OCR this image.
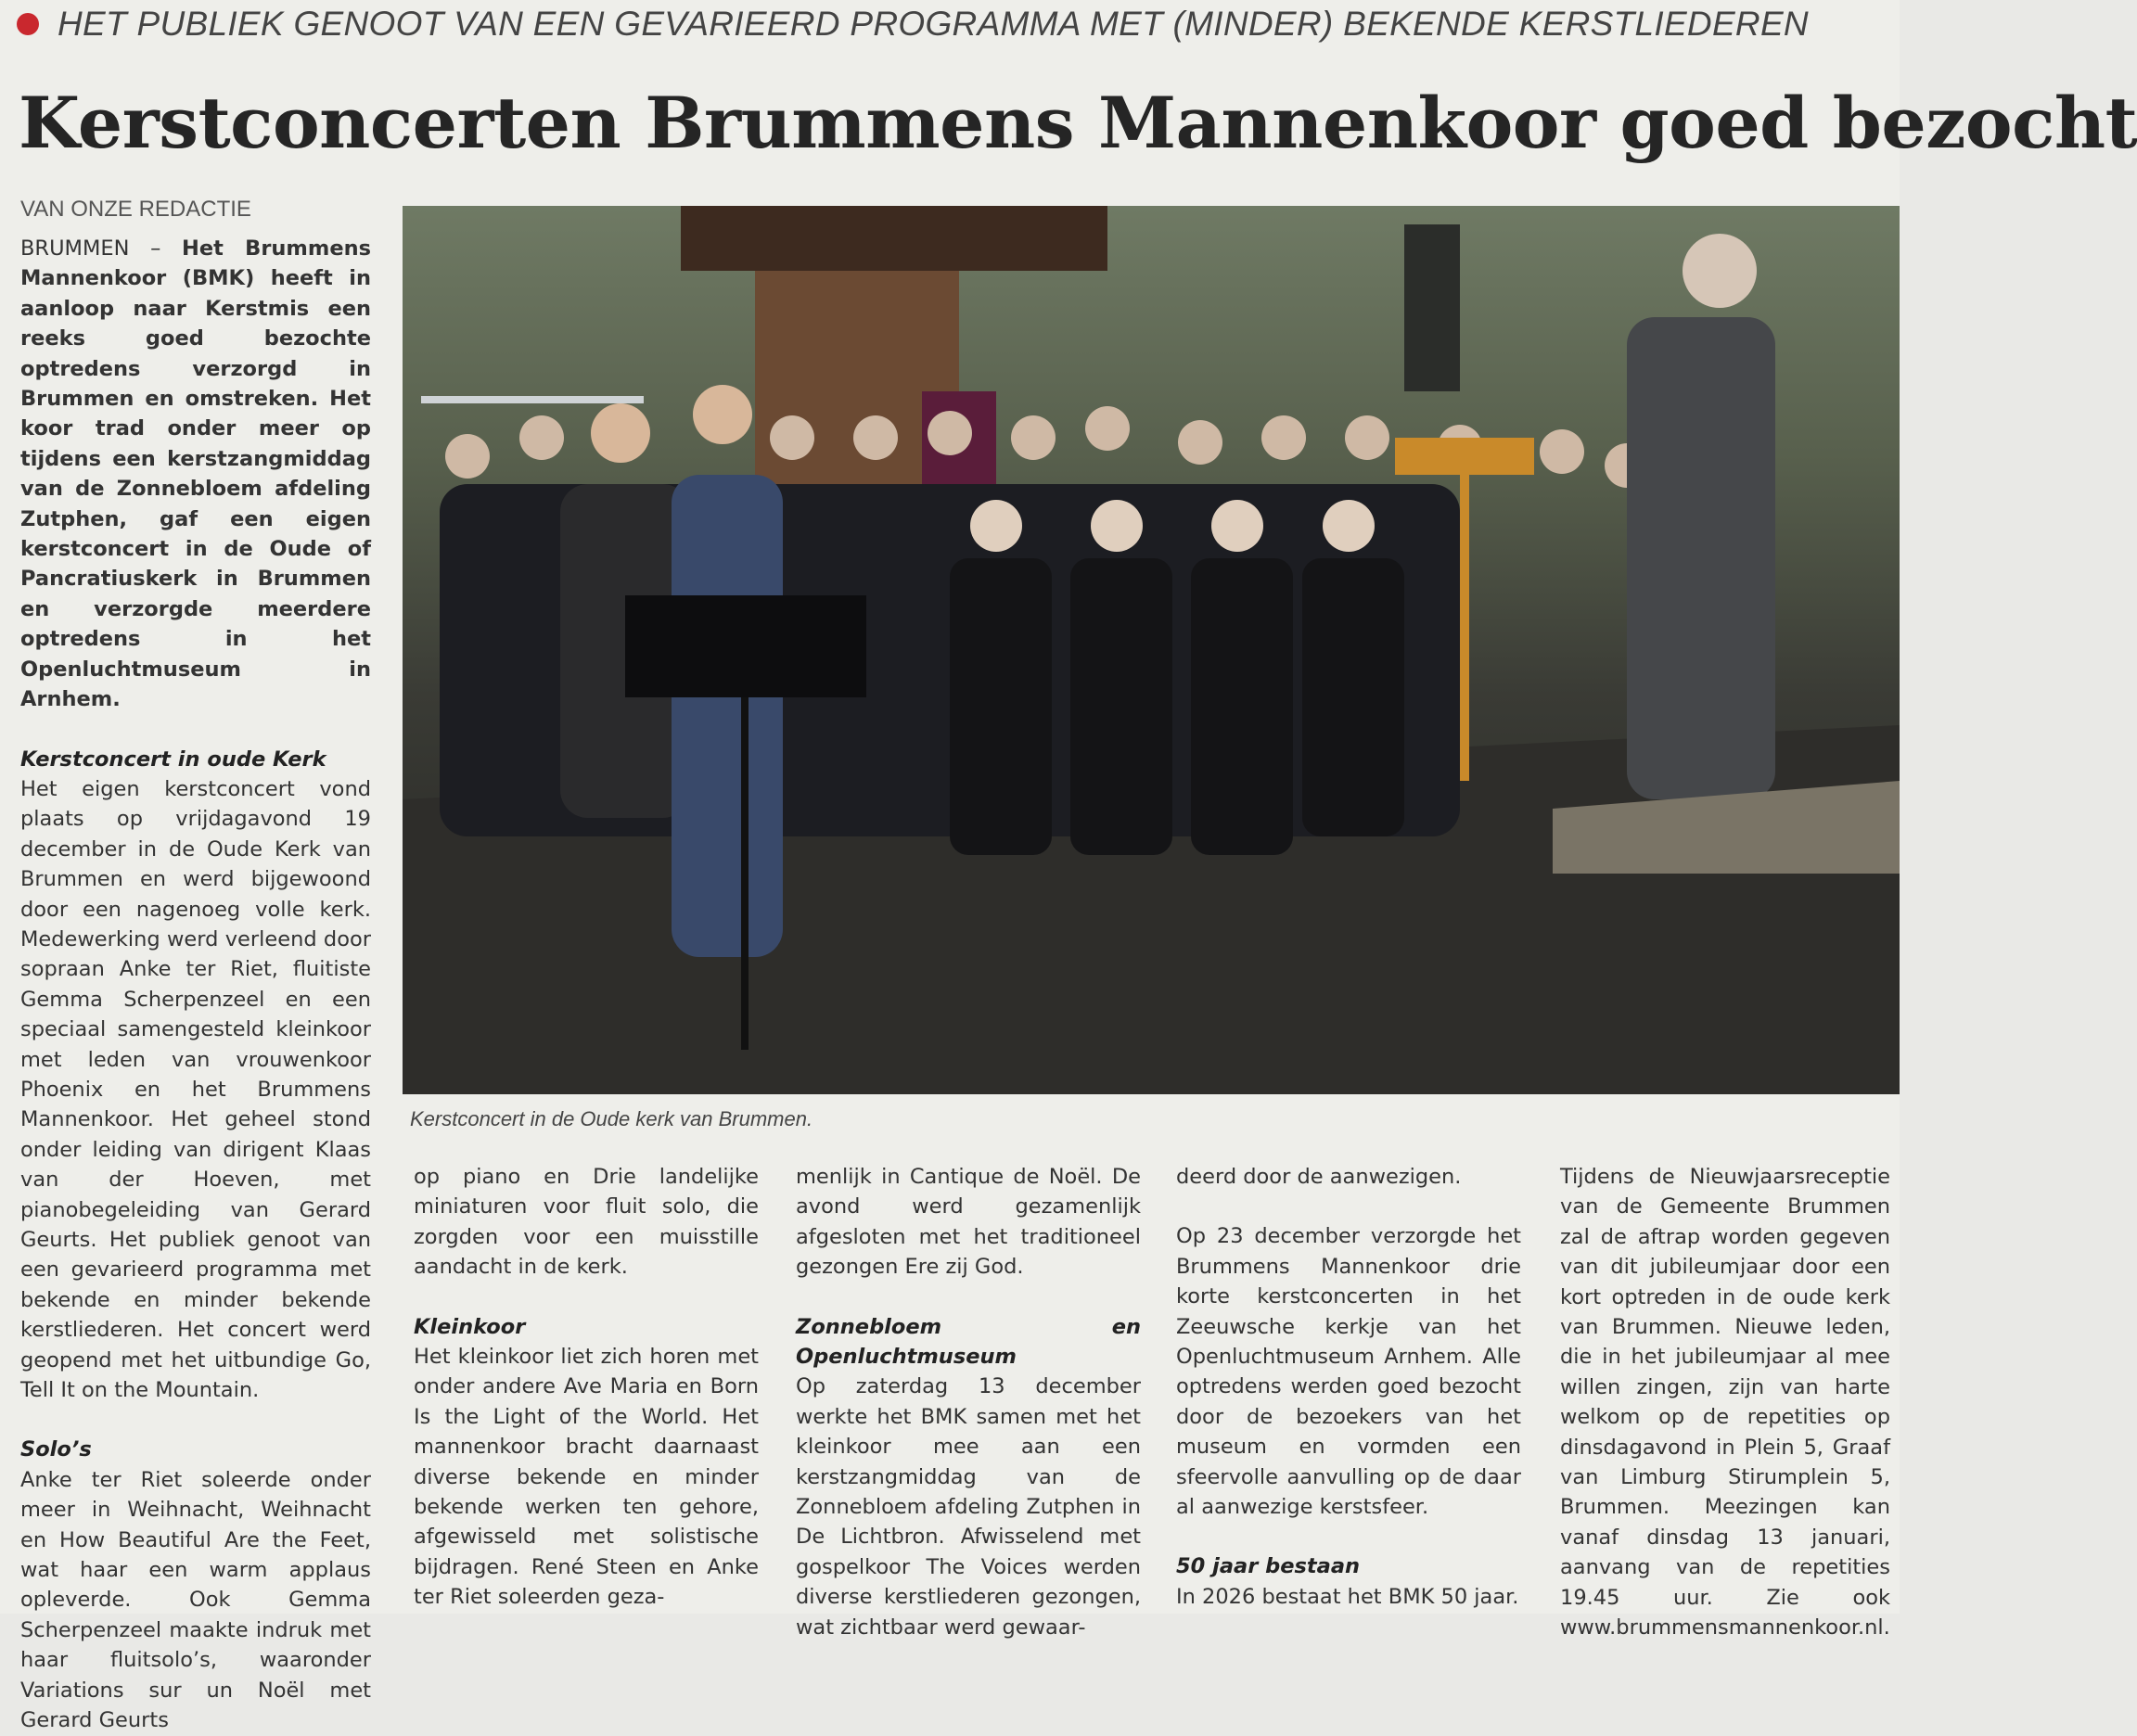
HET PUBLIEK GENOOT VAN EEN GEVARIEERD PROGRAMMA MET (MINDER) BEKENDE KERSTLIEDEREN
Kerstconcerten Brummens Mannenkoor goed bezocht
VAN ONZE REDACTIE

BRUMMEN – Het Brummens Mannenkoor (BMK) heeft in aanloop naar Kerstmis een reeks goed bezochte optredens verzorgd in Brummen en omstreken. Het koor trad onder meer op tijdens een kerstzangmiddag van de Zonnebloem afdeling Zutphen, gaf een eigen kerstconcert in de Oude of Pancratiuskerk in Brummen en verzorgde meerdere optredens in het Openluchtmuseum in Arnhem.

Kerstconcert in oude Kerk

Het eigen kerstconcert vond plaats op vrijdagavond 19 december in de Oude Kerk van Brummen en werd bijgewoond door een nagenoeg volle kerk. Medewerking werd verleend door sopraan Anke ter Riet, fluitiste Gemma Scherpenzeel en een speciaal samengesteld kleinkoor met leden van vrouwenkoor Phoenix en het Brummens Mannenkoor. Het geheel stond onder leiding van dirigent Klaas van der Hoeven, met pianobegeleiding van Gerard Geurts. Het publiek genoot van een gevarieerd programma met bekende en minder bekende kerstliederen. Het concert werd geopend met het uitbundige Go, Tell It on the Mountain.

Solo’s

Anke ter Riet soleerde onder meer in Weihnacht, Weihnacht en How Beautiful Are the Feet, wat haar een warm applaus opleverde. Ook Gemma Scherpenzeel maakte indruk met haar fluitsolo’s, waaronder Variations sur un Noël met Gerard Geurts

Kerstconcert in de Oude kerk van Brummen.

op piano en Drie landelijke miniaturen voor fluit solo, die zorgden voor een muisstille aandacht in de kerk.

Kleinkoor

Het kleinkoor liet zich horen met onder andere Ave Maria en Born Is the Light of the World. Het mannenkoor bracht daarnaast diverse bekende en minder bekende werken ten gehore, afgewisseld met solistische bijdragen. René Steen en Anke ter Riet soleerden geza-

menlijk in Cantique de Noël. De avond werd gezamenlijk afgesloten met het traditioneel gezongen Ere zij God.

Zonnebloem en Openluchtmuseum

Op zaterdag 13 december werkte het BMK samen met het kleinkoor mee aan een kerstzangmiddag van de Zonnebloem afdeling Zutphen in De Lichtbron. Afwisselend met gospelkoor The Voices werden diverse kerstliederen gezongen, wat zichtbaar werd gewaar-

deerd door de aanwezigen.

Op 23 december verzorgde het Brummens Mannenkoor drie korte kerstconcerten in het Zeeuwsche kerkje van het Openluchtmuseum Arnhem. Alle optredens werden goed bezocht door de bezoekers van het museum en vormden een sfeervolle aanvulling op de daar al aanwezige kerstsfeer.

50 jaar bestaan

In 2026 bestaat het BMK 50 jaar.

Tijdens de Nieuwjaarsreceptie van de Gemeente Brummen zal de aftrap worden gegeven van dit jubileumjaar door een kort optreden in de oude kerk van Brummen. Nieuwe leden, die in het jubileumjaar al mee willen zingen, zijn van harte welkom op de repetities op dinsdagavond in Plein 5, Graaf van Limburg Stirumplein 5, Brummen. Meezingen kan vanaf dinsdag 13 januari, aanvang van de repetities 19.45 uur. Zie ook www.brummensmannenkoor.nl.
